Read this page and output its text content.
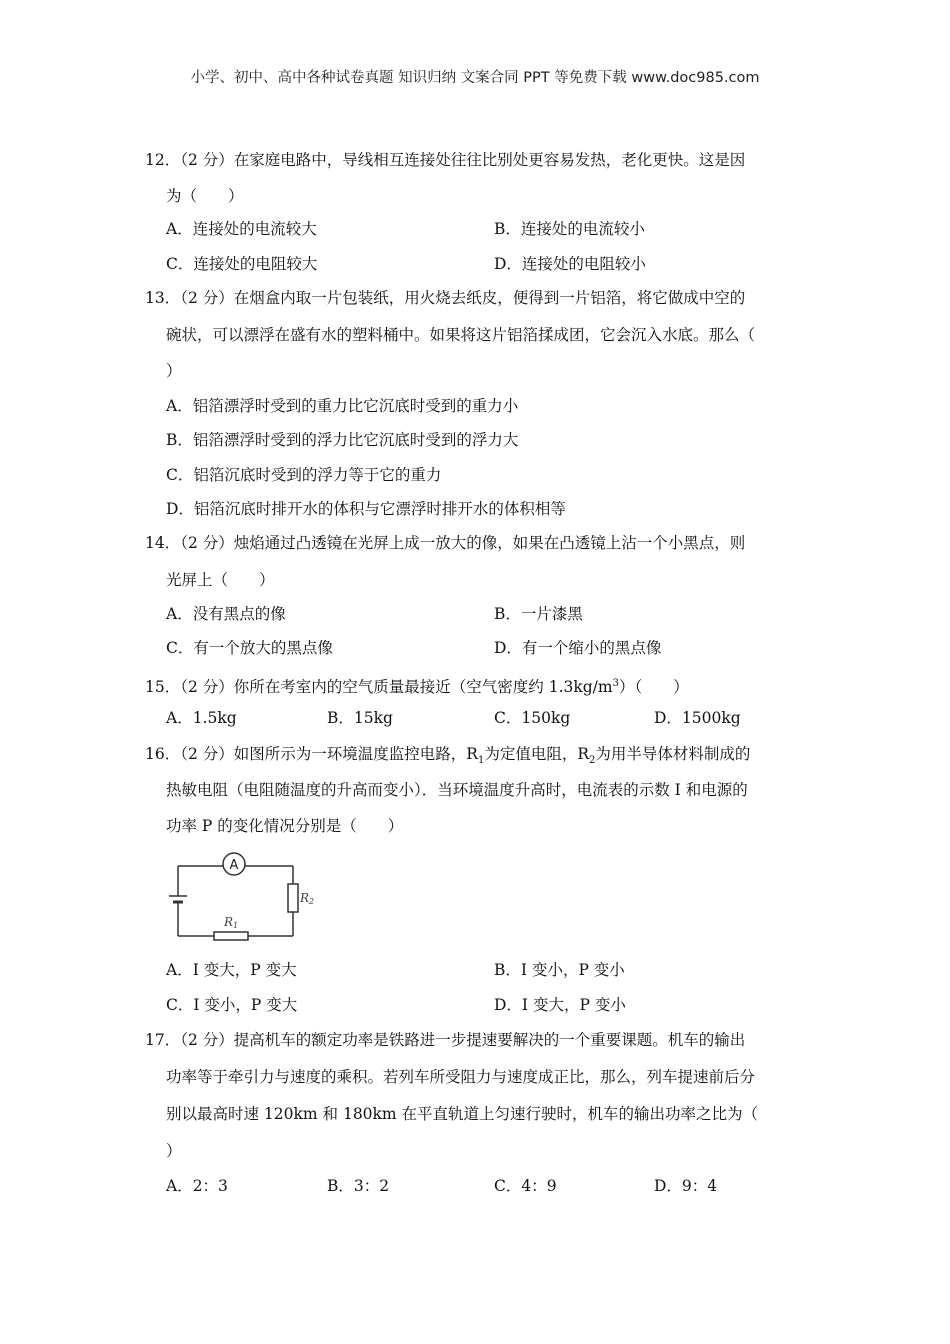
小学、初中、高中各种试卷真题 知识归纳 文案合同 PPT 等免费下载 www.doc985.com
12．（2 分）在家庭电路中，导线相互连接处往往比别处更容易发热，老化更快。这是因
为（　　）
A．连接处的电流较大	B．连接处的电流较小
C．连接处的电阻较大	D．连接处的电阻较小
13．（2 分）在烟盒内取一片包装纸，用火烧去纸皮，便得到一片铝箔，将它做成中空的
碗状，可以漂浮在盛有水的塑料桶中。如果将这片铝箔揉成团，它会沉入水底。那么（
）
A．铝箔漂浮时受到的重力比它沉底时受到的重力小
B．铝箔漂浮时受到的浮力比它沉底时受到的浮力大
C．铝箔沉底时受到的浮力等于它的重力
D．铝箔沉底时排开水的体积与它漂浮时排开水的体积相等
14．（2 分）烛焰通过凸透镜在光屏上成一放大的像，如果在凸透镜上沾一个小黑点，则
光屏上（　　）
A．没有黑点的像	B．一片漆黑
C．有一个放大的黑点像	D．有一个缩小的黑点像
15．（2 分）你所在考室内的空气质量最接近（空气密度约 $1.3kg/m^3$）（　　）
A．1.5kg	B．15kg	C．150kg	D．1500kg
16．（2 分）如图所示为一环境温度监控电路，$R_1$为定值电阻，$R_2$为用半导体材料制成的
热敏电阻（电阻随温度的升高而变小）．当环境温度升高时，电流表的示数 I 和电源的
功率 P 的变化情况分别是（　　）
A
R2
R1
A．I 变大，P 变大	B．I 变小，P 变小
C．I 变小，P 变大	D．I 变大，P 变小
17．（2 分）提高机车的额定功率是铁路进一步提速要解决的一个重要课题。机车的输出
功率等于牵引力与速度的乘积。若列车所受阻力与速度成正比，那么，列车提速前后分
别以最高时速 120km 和 180km 在平直轨道上匀速行驶时，机车的输出功率之比为（
）
A．2：3	B．3：2	C．4：9	D．9：4
